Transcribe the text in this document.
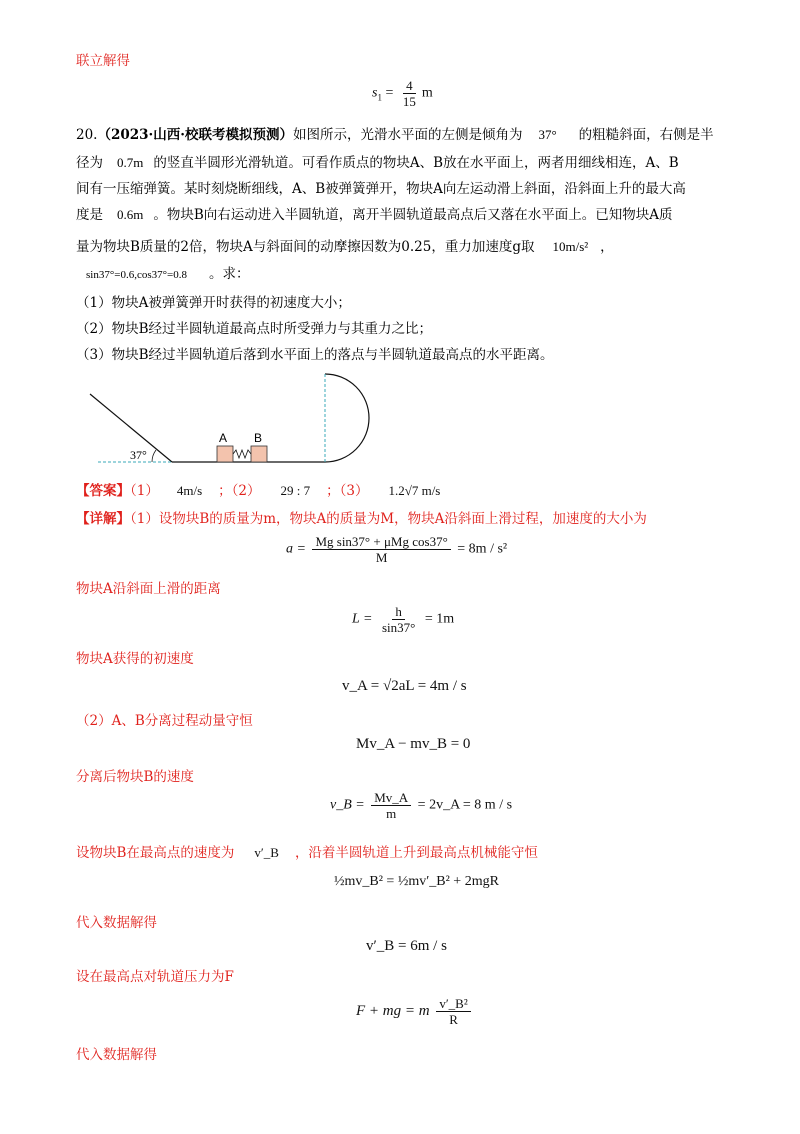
联立解得
$s_1 = \frac{4}{15}$ m
20.（2023·山西·校联考模拟预测）如图所示，光滑水平面的左侧是倾角为 37° 的粗糙斜面，右侧是半
径为 0.7m 的竖直半圆形光滑轨道。可看作质点的物块A、B放在水平面上，两者用细线相连，A、B
间有一压缩弹簧。某时刻烧断细线，A、B被弹簧弹开，物块A向左运动滑上斜面，沿斜面上升的最大高
度是 0.6m 。物块B向右运动进入半圆轨道，离开半圆轨道最高点后又落在水平面上。已知物块A质
量为物块B质量的2倍，物块A与斜面间的动摩擦因数为0.25，重力加速度g取 10m/s² ，
sin37°=0.6,cos37°=0.8 。求：
（1）物块A被弹簧弹开时获得的初速度大小；
（2）物块B经过半圆轨道最高点时所受弹力与其重力之比；
（3）物块B经过半圆轨道后落到水平面上的落点与半圆轨道最高点的水平距离。
37°
A B
【答案】（1） 4m/s ；（2） 29 : 7 ；（3） 1.2√7 m/s
【详解】（1）设物块B的质量为m，物块A的质量为M，物块A沿斜面上滑过程，加速度的大小为
$a = \frac{\text{Mg sin37° + μMg cos37°}}{M} = 8m / s^2$
物块A沿斜面上滑的距离
$L = \frac{h}{\sin 37^\circ} = 1m$
物块A获得的初速度
v_A = √2aL = 4m / s
（2）A、B分离过程动量守恒
Mv_A − mv_B = 0
分离后物块B的速度
v_B = $\frac{Mv\_A}{m}$ = 2v_A = 8 m / s
设物块B在最高点的速度为 v′_B ，沿着半圆轨道上升到最高点机械能守恒
½mv_B² = ½mv′_B² + 2mgR
代入数据解得
v′_B = 6m / s
设在最高点对轨道压力为F
F + mg = m $\frac{\text{v′\_B²}}{R}$
代入数据解得
